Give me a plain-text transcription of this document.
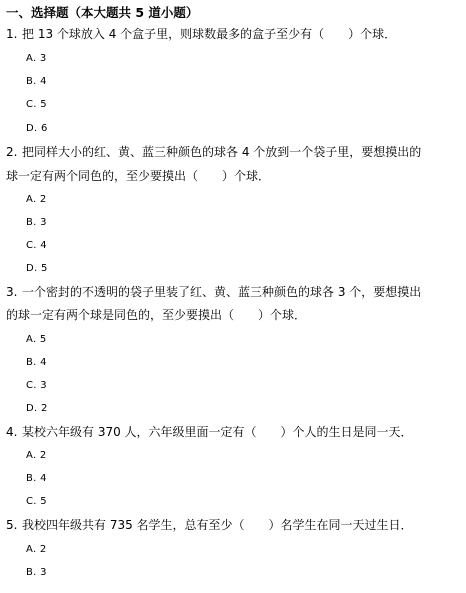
一、选择题（本大题共 5 道小题）
1. 把 13 个球放入 4 个盒子里，则球数最多的盒子至少有（　　）个球．
A. 3
B. 4
C. 5
D. 6
2. 把同样大小的红、黄、蓝三种颜色的球各 4 个放到一个袋子里，要想摸出的
球一定有两个同色的，至少要摸出（　　）个球．
A. 2
B. 3
C. 4
D. 5
3. 一个密封的不透明的袋子里装了红、黄、蓝三种颜色的球各 3 个，要想摸出
的球一定有两个球是同色的，至少要摸出（　　）个球．
A. 5
B. 4
C. 3
D. 2
4. 某校六年级有 370 人，六年级里面一定有（　　）个人的生日是同一天．
A. 2
B. 4
C. 5
5. 我校四年级共有 735 名学生，总有至少（　　）名学生在同一天过生日．
A. 2
B. 3
